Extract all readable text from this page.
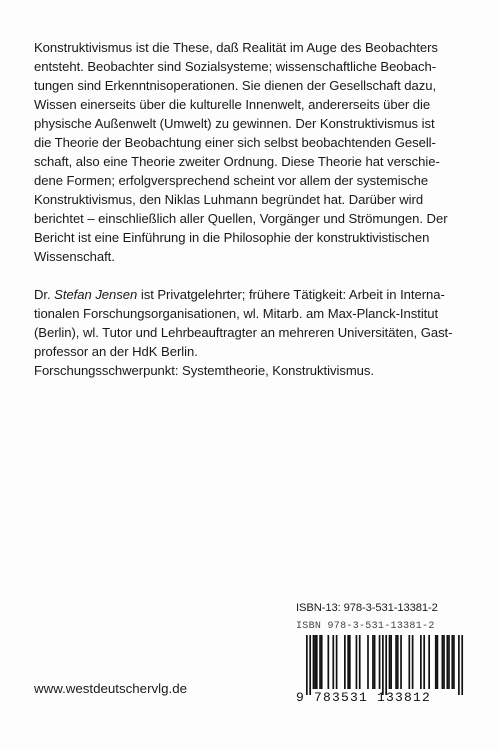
Konstruktivismus ist die These, daß Realität im Auge des Beobachters
entsteht. Beobachter sind Sozialsysteme; wissenschaftliche Beobach-
tungen sind Erkenntnisoperationen. Sie dienen der Gesellschaft dazu,
Wissen einerseits über die kulturelle Innenwelt, andererseits über die
physische Außenwelt (Umwelt) zu gewinnen. Der Konstruktivismus ist
die Theorie der Beobachtung einer sich selbst beobachtenden Gesell-
schaft, also eine Theorie zweiter Ordnung. Diese Theorie hat verschie-
dene Formen; erfolgversprechend scheint vor allem der systemische
Konstruktivismus, den Niklas Luhmann begründet hat. Darüber wird
berichtet – einschließlich aller Quellen, Vorgänger und Strömungen. Der
Bericht ist eine Einführung in die Philosophie der konstruktivistischen
Wissenschaft.

Dr. Stefan Jensen ist Privatgelehrter; frühere Tätigkeit: Arbeit in Interna-
tionalen Forschungsorganisationen, wl. Mitarb. am Max-Planck-Institut
(Berlin), wl. Tutor und Lehrbeauftragter an mehreren Universitäten, Gast-
professor an der HdK Berlin.
Forschungsschwerpunkt: Systemtheorie, Konstruktivismus.

ISBN-13: 978-3-531-13381-2
ISBN 978-3-531-13381-2
9 783531 133812
www.westdeutschervlg.de
